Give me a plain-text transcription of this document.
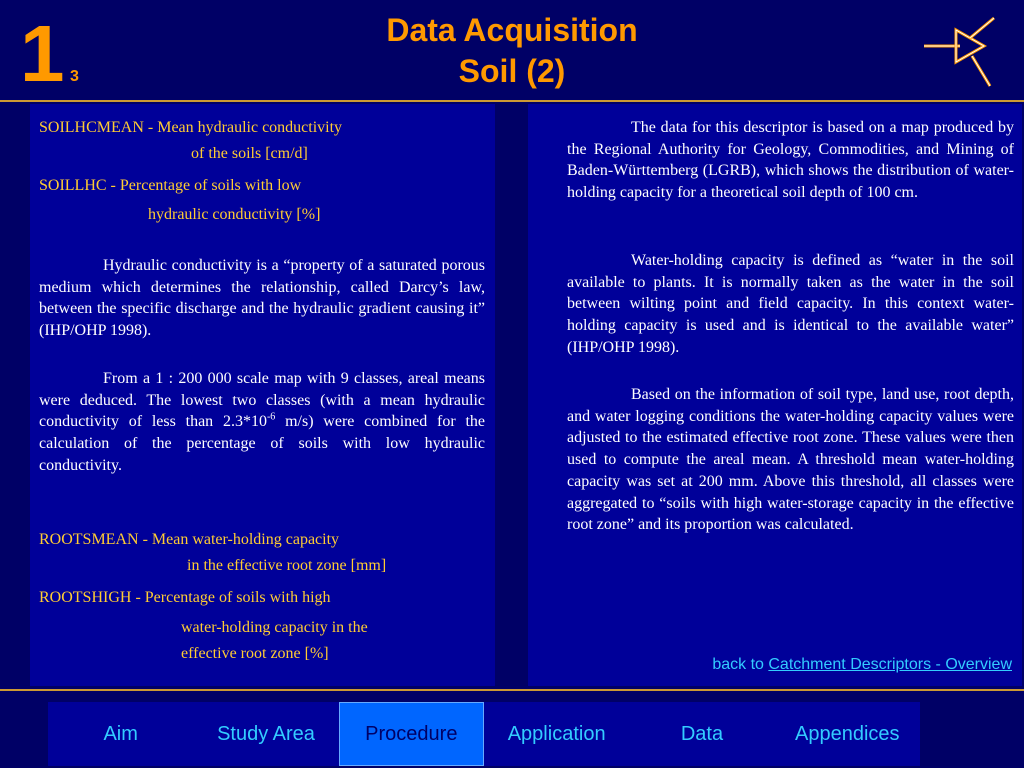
1 3
Data Acquisition
Soil (2)
SOILHCMEAN - Mean hydraulic conductivity
of the soils [cm/d]
SOILLHC - Percentage of soils with low
hydraulic conductivity [%]
Hydraulic conductivity is a “property of a saturated porous medium which determines the relationship, called Darcy’s law, between the specific discharge and the hydraulic gradient causing it” (IHP/OHP 1998).
From a 1 : 200 000 scale map with 9 classes, areal means were deduced. The lowest two classes (with a mean hydraulic conductivity of less than $2.3*10^{-6}$ m/s) were combined for the calculation of the percentage of soils with low hydraulic conductivity.
ROOTSMEAN - Mean water-holding capacity
in the effective root zone [mm]
ROOTSHIGH - Percentage of soils with high
water-holding capacity in the
effective root zone [%]
The data for this descriptor is based on a map produced by the Regional Authority for Geology, Commodities, and Mining of Baden-Württemberg (LGRB), which shows the distribution of water-holding capacity for a theoretical soil depth of 100 cm.
Water-holding capacity is defined as “water in the soil available to plants. It is normally taken as the water in the soil between wilting point and field capacity. In this context water-holding capacity is used and is identical to the available water” (IHP/OHP 1998).
Based on the information of soil type, land use, root depth, and water logging conditions the water-holding capacity values were adjusted to the estimated effective root zone. These values were then used to compute the areal mean. A threshold mean water-holding capacity was set at 200 mm. Above this threshold, all classes were aggregated to “soils with high water-storage capacity in the effective root zone” and its proportion was calculated.
back to Catchment Descriptors - Overview
Aim	Study Area	Procedure	Application	Data	Appendices
